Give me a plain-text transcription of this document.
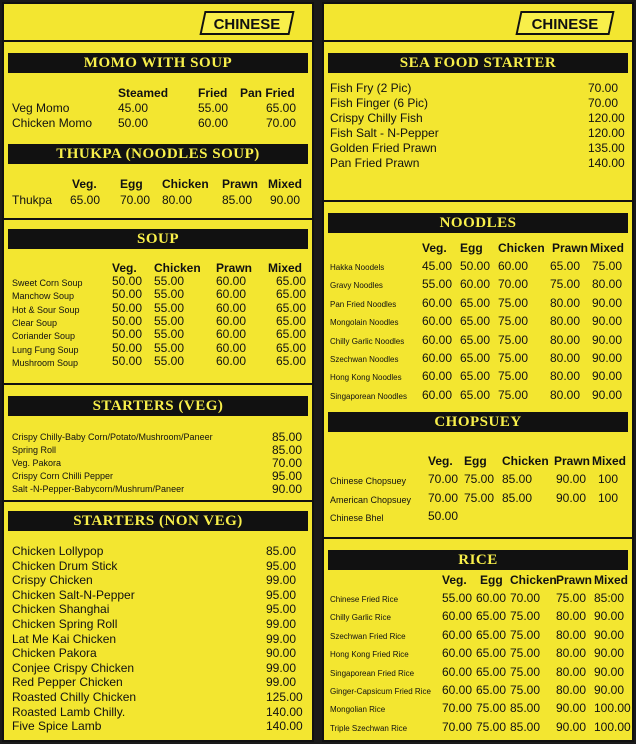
CHINESE
MOMO WITH SOUP
Steamed Fried Pan Fried
Veg Momo	45.00	55.00	65.00
Chicken Momo 50.00	60.00	70.00
THUKPA (NOODLES SOUP)
Veg. Egg Chicken Prawn Mixed
Thukpa 65.00 70.00 80.00 85.00 90.00
SOUP
Veg. Chicken Prawn Mixed
Sweet Corn Soup 50.00 55.00	60.00 65.00
Manchow Soup	50.00 55.00	60.00 65.00
Hot & Sour Soup	50.00 55.00	60.00 65.00
Clear Soup	50.00 55.00	60.00 65.00
Coriander Soup	50.00 55.00	60.00 65.00
Lung Fung Soup	50.00 55.00	60.00 65.00
Mushroom Soup	50.00 55.00	60.00 65.00
STARTERS (VEG)
Crispy Chilly-Baby Corn/Potato/Mushroom/Paneer	85.00
Spring Roll	85.00
Veg. Pakora	70.00
Crispy Corn Chilli Pepper	95.00
Salt -N-Pepper-Babycorn/Mushrum/Paneer	90.00
STARTERS (NON VEG)
Chicken Lollypop	85.00
Chicken Drum Stick	95.00
Crispy Chicken	99.00
Chicken Salt-N-Pepper	95.00
Chicken Shanghai	95.00
Chicken Spring Roll	99.00
Lat Me Kai Chicken	99.00
Chicken Pakora	90.00
Conjee Crispy Chicken	99.00
Red Pepper Chicken	99.00
Roasted Chilly Chicken	125.00
Roasted Lamb Chilly.	140.00
Five Spice Lamb	140.00
CHINESE
SEA FOOD STARTER
Fish Fry (2 Pic)	70.00
Fish Finger (6 Pic)	70.00
Crispy Chilly Fish	120.00
Fish Salt - N-Pepper	120.00
Golden Fried Prawn	135.00
Pan Fried Prawn	140.00
NOODLES
Veg. Egg Chicken Prawn Mixed
Hakka Noodels	45.00 50.00 60.00 65.00 75.00
Gravy Noodles	55.00 60.00 70.00 75.00 80.00
Pan Fried Noodles 60.00 65.00 75.00 80.00 90.00
Mongolain Noodles 60.00 65.00 75.00 80.00 90.00
Chilly Garlic Noodles 60.00 65.00 75.00 80.00 90.00
Szechwan Noodles 60.00 65.00 75.00 80.00 90.00
Hong Kong Noodles 60.00 65.00 75.00 80.00 90.00
Singaporean Noodles 60.00 65.00 75.00 80.00 90.00
CHOPSUEY
Veg. Egg Chicken Prawn Mixed
Chinese Chopsuey 70.00 75.00 85.00 90.00 100
American Chopsuey 70.00 75.00 85.00 90.00 100
Chinese Bhel	50.00
RICE
Veg. Egg Chicken Prawn Mixed
Chinese Fried Rice	55.00 60.00 70.00 75.00 85:00
Chilly Garlic Rice	60.00 65.00 75.00 80.00 90.00
Szechwan Fried Rice	60.00 65.00 75.00 80.00 90.00
Hong Kong Fried Rice	60.00 65.00 75.00 80.00 90.00
Singaporean Fried Rice 60.00 65.00 75.00 80.00 90.00
Ginger-Capsicum Fried Rice 60.00 65.00 75.00 80.00 90.00
Mongolian Rice	70.00 75.00 85.00 90.00 100.00
Triple Szechwan Rice	70.00 75.00 85.00 90.00 100.00
